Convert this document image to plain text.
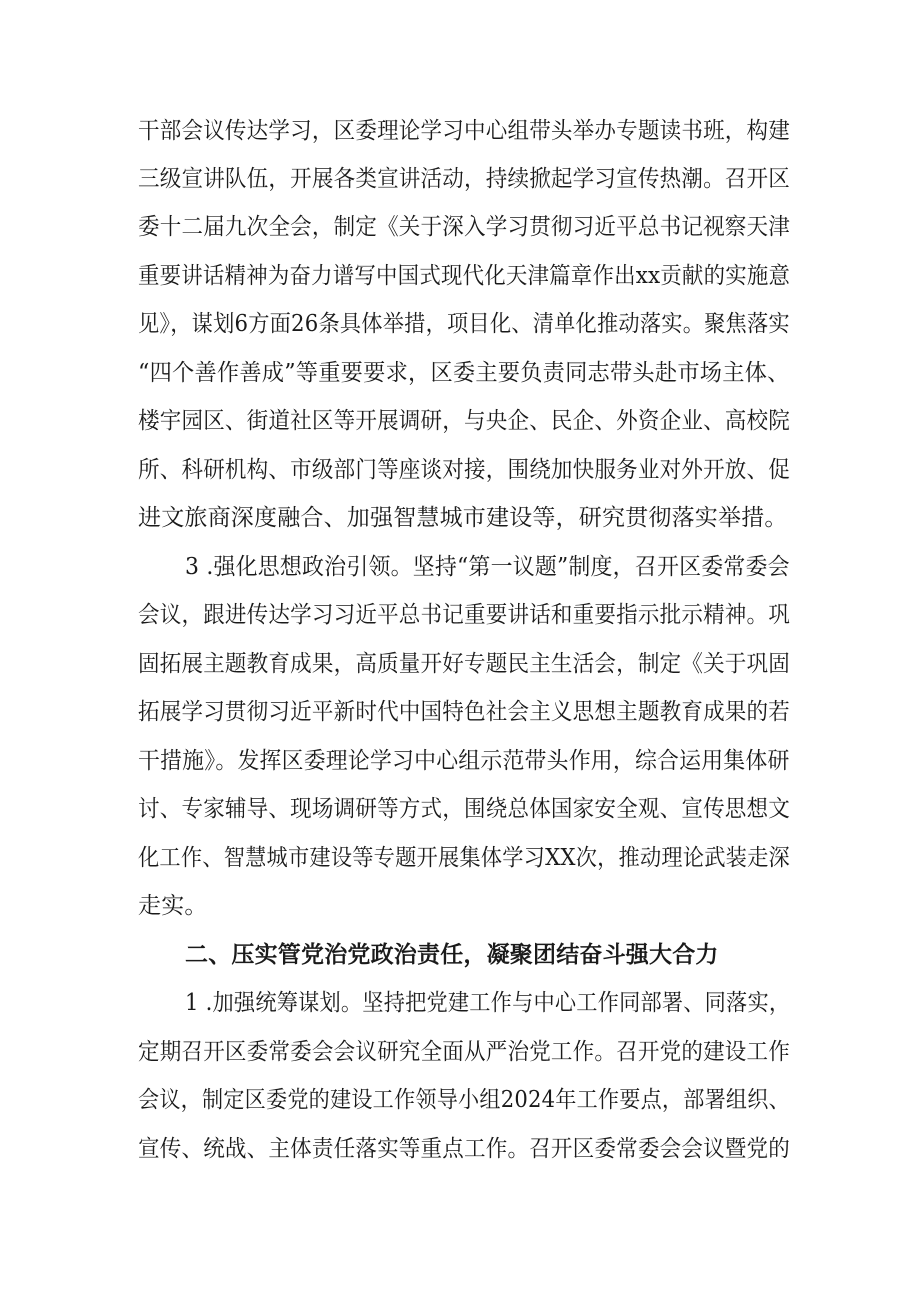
干部会议传达学习，区委理论学习中心组带头举办专题读书班，构建
三级宣讲队伍，开展各类宣讲活动，持续掀起学习宣传热潮。召开区
委十二届九次全会，制定《关于深入学习贯彻习近平总书记视察天津
重要讲话精神为奋力谱写中国式现代化天津篇章作出xx贡献的实施意
见》，谋划6方面26条具体举措，项目化、清单化推动落实。聚焦落实
“四个善作善成”等重要要求，区委主要负责同志带头赴市场主体、
楼宇园区、街道社区等开展调研，与央企、民企、外资企业、高校院
所、科研机构、市级部门等座谈对接，围绕加快服务业对外开放、促
进文旅商深度融合、加强智慧城市建设等，研究贯彻落实举措。
3 .强化思想政治引领。坚持“第一议题”制度，召开区委常委会
会议，跟进传达学习习近平总书记重要讲话和重要指示批示精神。巩
固拓展主题教育成果，高质量开好专题民主生活会，制定《关于巩固
拓展学习贯彻习近平新时代中国特色社会主义思想主题教育成果的若
干措施》。发挥区委理论学习中心组示范带头作用，综合运用集体研
讨、专家辅导、现场调研等方式，围绕总体国家安全观、宣传思想文
化工作、智慧城市建设等专题开展集体学习XX次，推动理论武装走深
走实。
二、压实管党治党政治责任，凝聚团结奋斗强大合力
1 .加强统筹谋划。坚持把党建工作与中心工作同部署、同落实，
定期召开区委常委会会议研究全面从严治党工作。召开党的建设工作
会议，制定区委党的建设工作领导小组2024年工作要点，部署组织、
宣传、统战、主体责任落实等重点工作。召开区委常委会会议暨党的
